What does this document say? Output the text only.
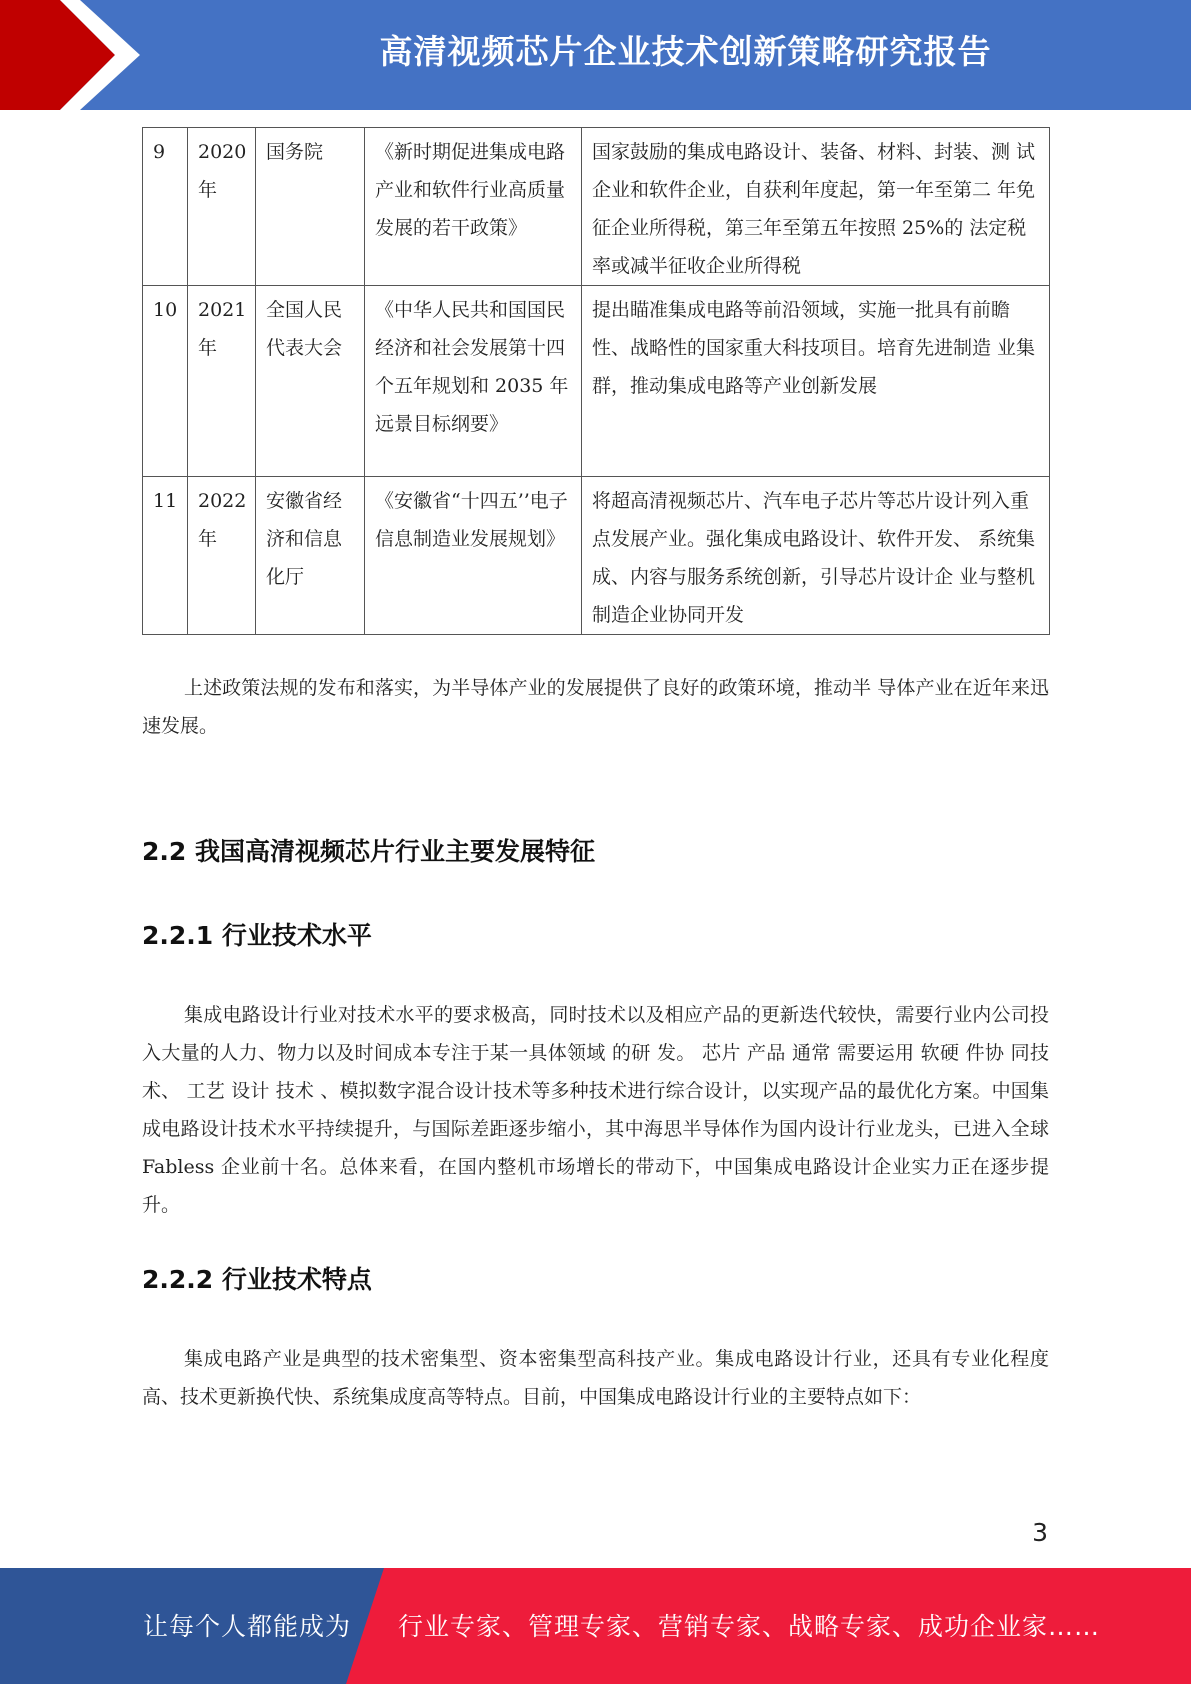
高清视频芯片企业技术创新策略研究报告
9	2020年	国务院	《新时期促进集成电路产业和软件行业高质量发展的若干政策》	国家鼓励的集成电路设计、装备、材料、封装、测 试企业和软件企业，自获利年度起，第一年至第二 年免征企业所得税，第三年至第五年按照 25%的 法定税率或减半征收企业所得税
10	2021年	全国人民代表大会	《中华人民共和国国民经济和社会发展第十四个五年规划和 2035 年远景目标纲要》	提出瞄准集成电路等前沿领域，实施一批具有前瞻性、战略性的国家重大科技项目。培育先进制造 业集群，推动集成电路等产业创新发展
11	2022年	安徽省经济和信息化厅	《安徽省“十四五’’电子信息制造业发展规划》	将超高清视频芯片、汽车电子芯片等芯片设计列入重点发展产业。强化集成电路设计、软件开发、 系统集成、内容与服务系统创新，引导芯片设计企 业与整机制造企业协同开发

上述政策法规的发布和落实，为半导体产业的发展提供了良好的政策环境，推动半 导体产业在近年来迅速发展。

2.2 我国高清视频芯片行业主要发展特征
2.2.1 行业技术水平

集成电路设计行业对技术水平的要求极高，同时技术以及相应产品的更新迭代较快，需要行业内公司投入大量的人力、物力以及时间成本专注于某一具体领域 的研 发。 芯片 产品 通常 需要运用 软硬 件协 同技 术、 工艺 设计 技术 、模拟数字混合设计技术等多种技术进行综合设计，以实现产品的最优化方案。中国集成电路设计技术水平持续提升，与国际差距逐步缩小，其中海思半导体作为国内设计行业龙头，已进入全球 Fabless 企业前十名。总体来看，在国内整机市场增长的带动下，中国集成电路设计企业实力正在逐步提升。

2.2.2 行业技术特点

集成电路产业是典型的技术密集型、资本密集型高科技产业。集成电路设计行业，还具有专业化程度高、技术更新换代快、系统集成度高等特点。目前，中国集成电路设计行业的主要特点如下：

3
让每个人都能成为 行业专家、管理专家、营销专家、战略专家、成功企业家……
